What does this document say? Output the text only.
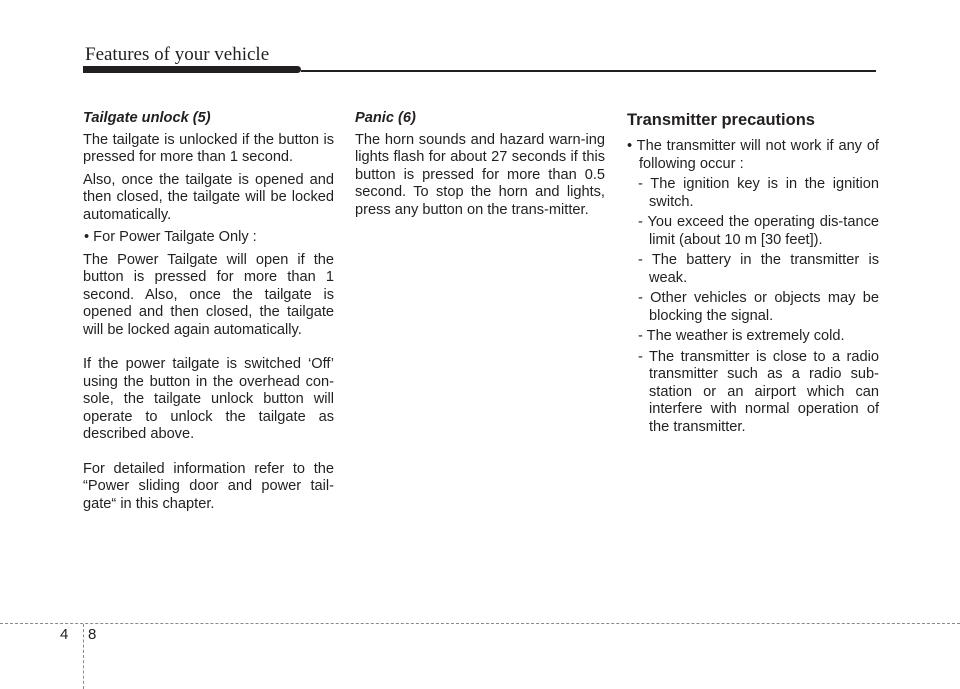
Features of your vehicle
Tailgate unlock (5)

The tailgate is unlocked if the button is pressed for more than 1 second.

Also, once the tailgate is opened and then closed, the tailgate will be locked automatically.

• For Power Tailgate Only :

The Power Tailgate will open if the button is pressed for more than 1 second. Also, once the tailgate is opened and then closed, the tailgate will be locked again automatically.

If the power tailgate is switched ‘Off’ using the button in the overhead con-sole, the tailgate unlock button will operate to unlock the tailgate as described above.

For detailed information refer to the “Power sliding door and power tail-gate“ in this chapter.

Panic (6)

The horn sounds and hazard warn-ing lights flash for about 27 seconds if this button is pressed for more than 0.5 second. To stop the horn and lights, press any button on the trans-mitter.

Transmitter precautions

• The transmitter will not work if any of following occur :

- The ignition key is in the ignition switch.

- You exceed the operating dis-tance limit (about 10 m [30 feet]).

- The battery in the transmitter is weak.

- Other vehicles or objects may be blocking the signal.

- The weather is extremely cold.

- The transmitter is close to a radio transmitter such as a radio sub-station or an airport which can interfere with normal operation of the transmitter.

4 8
